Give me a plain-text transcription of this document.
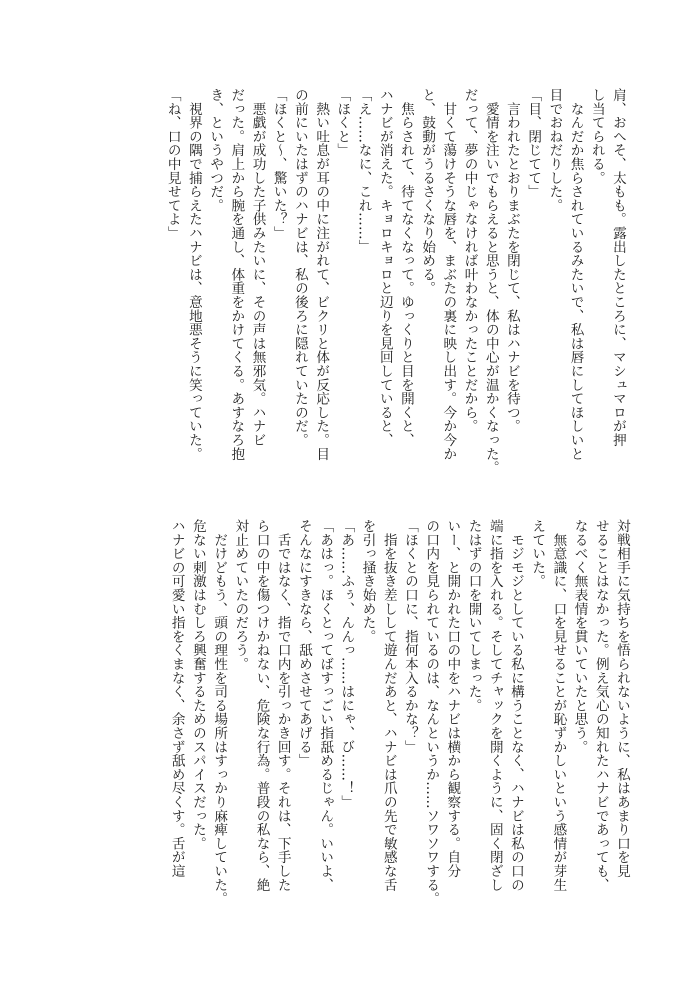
肩、おへそ、太もも。露出したところに、マシュマロが押
し当てられる。
　なんだか焦らされているみたいで、私は唇にしてほしいと
目でおねだりした。
「目、閉じてて」
　言われたとおりまぶたを閉じて、私はハナビを待つ。
　愛情を注いでもらえると思うと、体の中心が温かくなった。
だって、夢の中じゃなければ叶わなかったことだから。
　甘くて蕩けそうな唇を、まぶたの裏に映し出す。今か今か
と、鼓動がうるさくなり始める。
　焦らされて、待てなくなって。ゆっくりと目を開くと、
ハナビが消えた。キョロキョロと辺りを見回していると、
「え……なに、これ……」
「ほくと」
　熱い吐息が耳の中に注がれて、ビクリと体が反応した。目
の前にいたはずのハナビは、私の後ろに隠れていたのだ。
「ほくと〜、驚いた？」
　悪戯が成功した子供みたいに、その声は無邪気。ハナビ
だった。肩上から腕を通し、体重をかけてくる。あすなろ抱
き、というやつだ。
　視界の隅で捕らえたハナビは、意地悪そうに笑っていた。
「ね、口の中見せてよ」
対戦相手に気持ちを悟られないように、私はあまり口を見
せることはなかった。例え気心の知れたハナビであっても、
なるべく無表情を貫いていたと思う。
　無意識に、口を見せることが恥ずかしいという感情が芽生
えていた。
　モジモジとしている私に構うことなく、ハナビは私の口の
端に指を入れる。そしてチャックを開くように、固く閉ざし
たはずの口を開いてしまった。
いー、と開かれた口の中をハナビは横から観察する。自分
の口内を見られているのは、なんというか……ソワソワする。
「ほくとの口に、指何本入るかな？」
　指を抜き差しして遊んだあと、ハナビは爪の先で敏感な舌
を引っ掻き始めた。
「あ……ふぅ、んんっ……はにゃ、び……！」
「あはっ。ほくとってばすっごい指舐めるじゃん。いいよ、
そんなにすきなら、舐めさせてあげる」
　舌ではなく、指で口内を引っかき回す。それは、下手した
ら口の中を傷つけかねない、危険な行為。普段の私なら、絶
対止めていたのだろう。
　だけどもう、頭の理性を司る場所はすっかり麻痺していた。
危ない刺激はむしろ興奮するためのスパイスだった。
ハナビの可愛い指をくまなく、余さず舐め尽くす。舌が這
